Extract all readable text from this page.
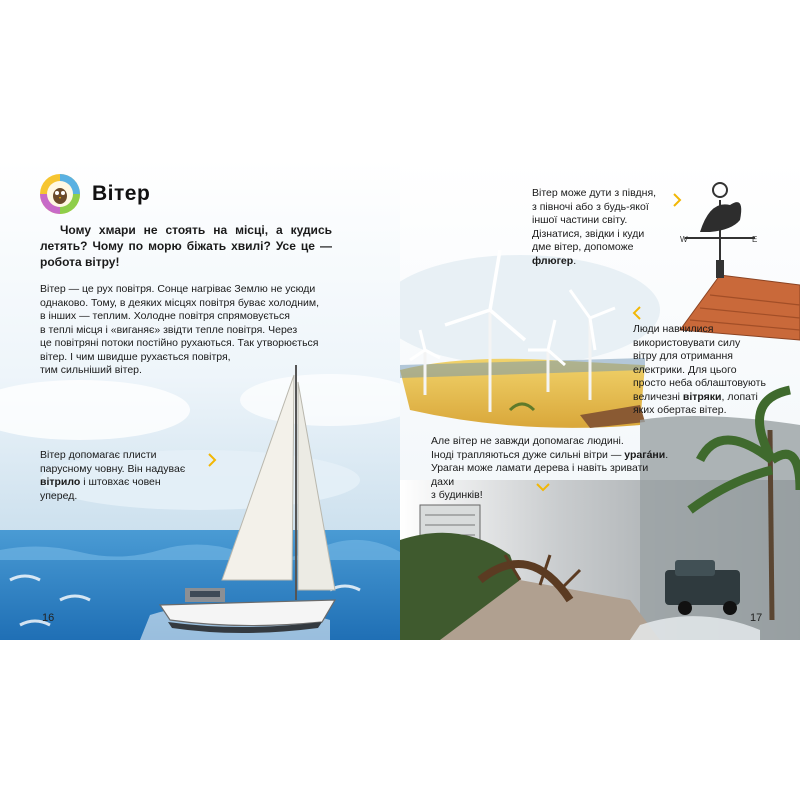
Вітер
Чому хмари не стоять на місці, а кудись летять? Чому по морю біжать хвилі? Усе це — робота вітру!
Вітер — це рух повітря. Сонце нагріває Землю не усюди
однаково. Тому, в деяких місцях повітря буває холодним,
в інших — теплим. Холодне повітря спрямовується
в теплі місця і «виганяє» звідти тепле повітря. Через
це повітряні потоки постійно рухаються. Так утворюється
вітер. І чим швидше рухається повітря,
тим сильніший вітер.
Вітер допомагає плисти
парусному човну. Він надуває
вітрило і штовхає човен
уперед.
16
W	E
Вітер може дути з півдня,
з півночі або з будь-якої
іншої частини світу.
Дізнатися, звідки і куди
дме вітер, допоможе
флюгер.
Люди навчилися
використовувати силу
вітру для отримання
електрики. Для цього
просто неба облаштовують
величезні вітряки, лопаті
яких обертає вітер.
Але вітер не завжди допомагає людині.
Іноді трапляються дуже сильні вітри — урагáни.
Ураган може ламати дерева і навіть зривати дахи
з будинків!
17
